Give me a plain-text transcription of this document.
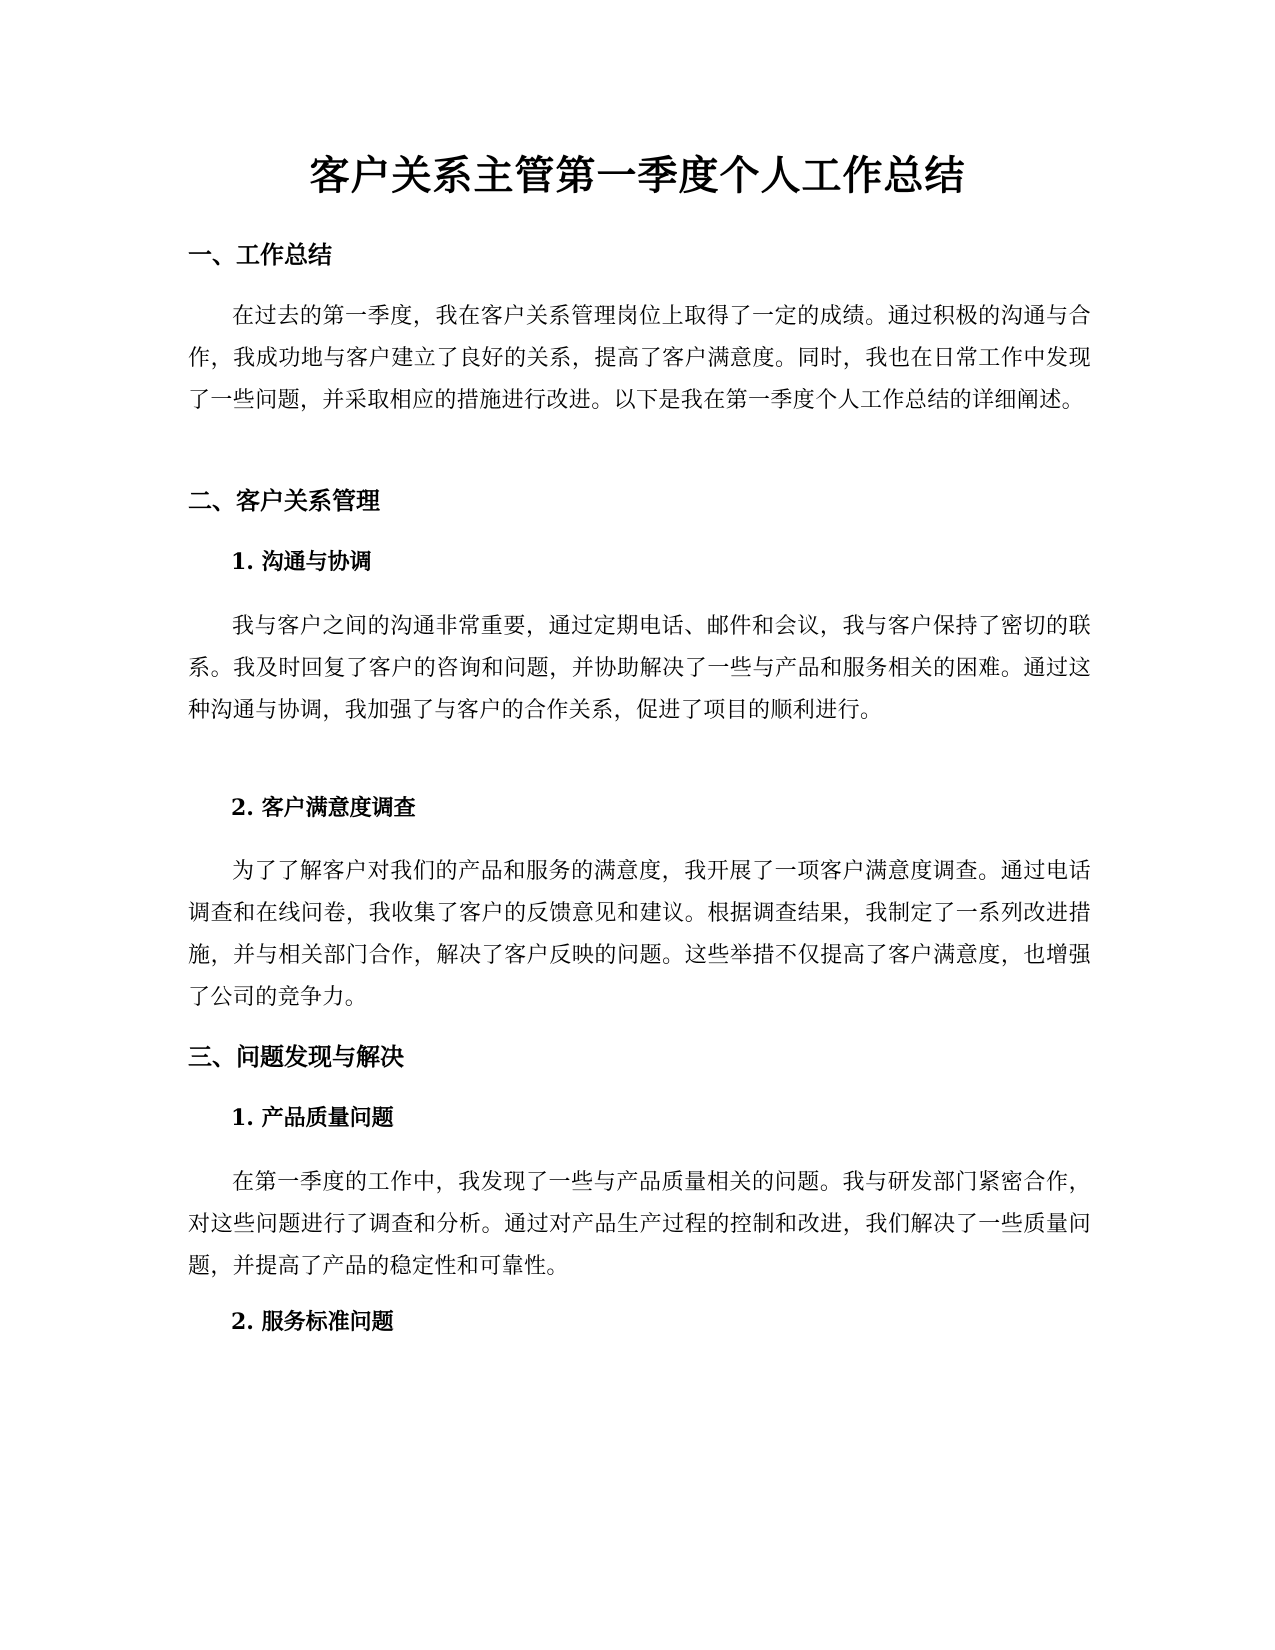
客户关系主管第一季度个人工作总结
一、工作总结

在过去的第一季度，我在客户关系管理岗位上取得了一定的成绩。通过积极的沟通与合作，我成功地与客户建立了良好的关系，提高了客户满意度。同时，我也在日常工作中发现了一些问题，并采取相应的措施进行改进。以下是我在第一季度个人工作总结的详细阐述。

二、客户关系管理
1. 沟通与协调

我与客户之间的沟通非常重要，通过定期电话、邮件和会议，我与客户保持了密切的联系。我及时回复了客户的咨询和问题，并协助解决了一些与产品和服务相关的困难。通过这种沟通与协调，我加强了与客户的合作关系，促进了项目的顺利进行。

2. 客户满意度调查

为了了解客户对我们的产品和服务的满意度，我开展了一项客户满意度调查。通过电话调查和在线问卷，我收集了客户的反馈意见和建议。根据调查结果，我制定了一系列改进措施，并与相关部门合作，解决了客户反映的问题。这些举措不仅提高了客户满意度，也增强了公司的竞争力。

三、问题发现与解决
1. 产品质量问题

在第一季度的工作中，我发现了一些与产品质量相关的问题。我与研发部门紧密合作，对这些问题进行了调查和分析。通过对产品生产过程的控制和改进，我们解决了一些质量问题，并提高了产品的稳定性和可靠性。

2. 服务标准问题
